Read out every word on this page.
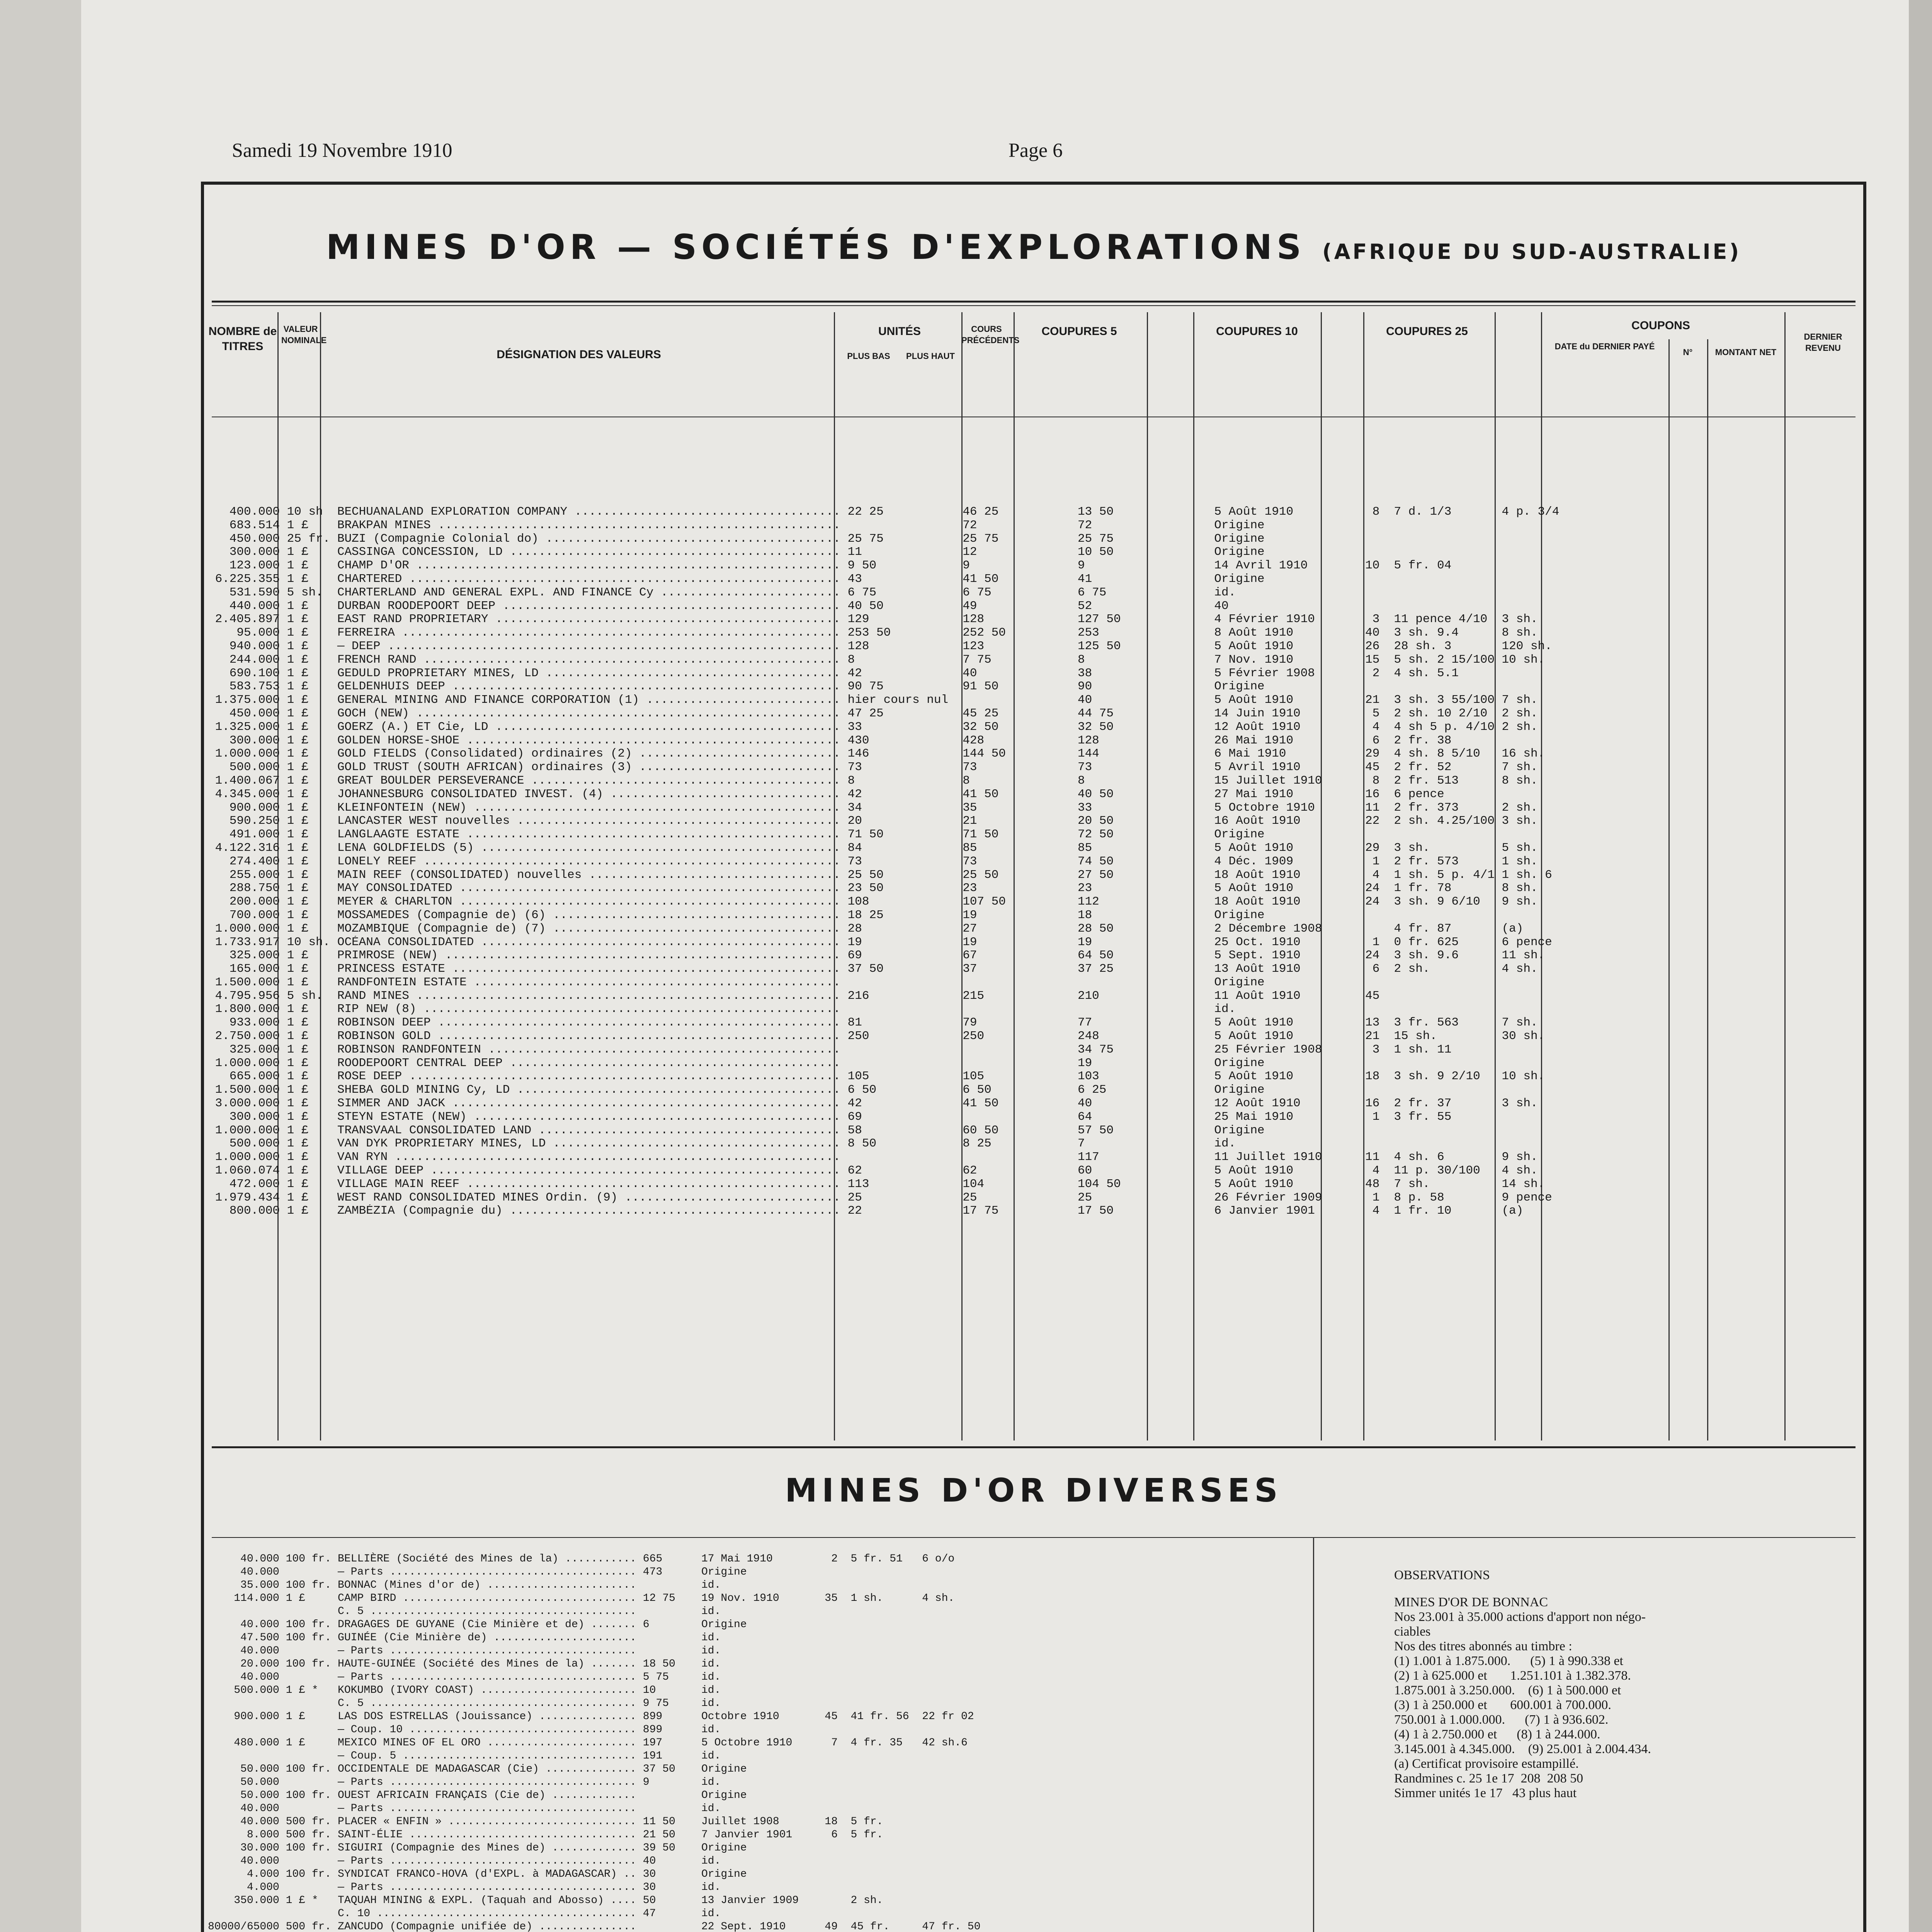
Samedi 19 Novembre 1910	Page 6
MINES D'OR — SOCIÉTÉS D'EXPLORATIONS (AFRIQUE DU SUD-AUSTRALIE)
NOMBRE de TITRES
VALEUR NOMINALE
DÉSIGNATION DES VALEURS
UNITÉS
PLUS BAS	PLUS HAUT
COURS PRÉCÉDENTS
COUPURES 5	COUPURES 10	COUPURES 25	COUPONS
DATE du DERNIER PAYÉ
N°	MONTANT NET
DERNIER REVENU
400.000 10 sh  BECHUANALAND EXPLORATION COMPANY ..................................... 22 25           46 25           13 50              5 Août 1910           8  7 d. 1/3       4 p. 3/4
683.514 1 £    BRAKPAN MINES ........................................................                 72              72                 Origine
450.000 25 fr. BUZI (Compagnie Colonial do) ......................................... 25 75           25 75           25 75              Origine
300.000 1 £    CASSINGA CONCESSION, LD .............................................. 11              12              10 50              Origine
123.000 1 £    CHAMP D'OR ........................................................... 9 50            9               9                  14 Avril 1910        10  5 fr. 04
6.225.355 1 £    CHARTERED ............................................................ 43              41 50           41                 Origine
531.590 5 sh.  CHARTERLAND AND GENERAL EXPL. AND FINANCE Cy ......................... 6 75            6 75            6 75               id.
440.000 1 £    DURBAN ROODEPOORT DEEP ............................................... 40 50           49              52                 40
2.405.897 1 £    EAST RAND PROPRIETARY ................................................ 129             128             127 50             4 Février 1910        3  11 pence 4/10  3 sh.
95.000 1 £    FERREIRA ............................................................. 253 50          252 50          253                8 Août 1910          40  3 sh. 9.4      8 sh.
940.000 1 £    — DEEP ............................................................... 128             123             125 50             5 Août 1910          26  28 sh. 3       120 sh.
244.000 1 £    FRENCH RAND .......................................................... 8               7 75            8                  7 Nov. 1910          15  5 sh. 2 15/100 10 sh.
690.100 1 £    GEDULD PROPRIETARY MINES, LD ......................................... 42              40              38                 5 Février 1908        2  4 sh. 5.1
583.753 1 £    GELDENHUIS DEEP ...................................................... 90 75           91 50           90                 Origine
1.375.000 1 £    GENERAL MINING AND FINANCE CORPORATION (1) ........................... hier cours nul                  40                 5 Août 1910          21  3 sh. 3 55/100 7 sh.
450.000 1 £    GOCH (NEW) ........................................................... 47 25           45 25           44 75              14 Juin 1910          5  2 sh. 10 2/10  2 sh.
1.325.000 1 £    GOERZ (A.) ET Cie, LD ................................................ 33              32 50           32 50              12 Août 1910          4  4 sh 5 p. 4/10 2 sh.
300.000 1 £    GOLDEN HORSE-SHOE .................................................... 430             428             128                26 Mai 1910           6  2 fr. 38
1.000.000 1 £    GOLD FIELDS (Consolidated) ordinaires (2) ............................ 146             144 50          144                6 Mai 1910           29  4 sh. 8 5/10   16 sh.
500.000 1 £    GOLD TRUST (SOUTH AFRICAN) ordinaires (3) ............................ 73              73              73                 5 Avril 1910         45  2 fr. 52       7 sh.
1.400.067 1 £    GREAT BOULDER PERSEVERANCE ........................................... 8               8               8                  15 Juillet 1910       8  2 fr. 513      8 sh.
4.345.000 1 £    JOHANNESBURG CONSOLIDATED INVEST. (4) ................................ 42              41 50           40 50              27 Mai 1910          16  6 pence
900.000 1 £    KLEINFONTEIN (NEW) ................................................... 34              35              33                 5 Octobre 1910       11  2 fr. 373      2 sh.
590.250 1 £    LANCASTER WEST nouvelles ............................................. 20              21              20 50              16 Août 1910         22  2 sh. 4.25/100 3 sh.
491.000 1 £    LANGLAAGTE ESTATE .................................................... 71 50           71 50           72 50              Origine
4.122.316 1 £    LENA GOLDFIELDS (5) .................................................. 84              85              85                 5 Août 1910          29  3 sh.          5 sh.
274.400 1 £    LONELY REEF .......................................................... 73              73              74 50              4 Déc. 1909           1  2 fr. 573      1 sh.
255.000 1 £    MAIN REEF (CONSOLIDATED) nouvelles ................................... 25 50           25 50           27 50              18 Août 1910          4  1 sh. 5 p. 4/1 1 sh. 6
288.750 1 £    MAY CONSOLIDATED ..................................................... 23 50           23              23                 5 Août 1910          24  1 fr. 78       8 sh.
200.000 1 £    MEYER & CHARLTON ..................................................... 108             107 50          112                18 Août 1910         24  3 sh. 9 6/10   9 sh.
700.000 1 £    MOSSAMEDES (Compagnie de) (6) ........................................ 18 25           19              18                 Origine
1.000.000 1 £    MOZAMBIQUE (Compagnie de) (7) ........................................ 28              27              28 50              2 Décembre 1908          4 fr. 87       (a)
1.733.917 10 sh. OCÉANA CONSOLIDATED .................................................. 19              19              19                 25 Oct. 1910          1  0 fr. 625      6 pence
325.000 1 £    PRIMROSE (NEW) ....................................................... 69              67              64 50              5 Sept. 1910         24  3 sh. 9.6      11 sh.
165.000 1 £    PRINCESS ESTATE ...................................................... 37 50           37              37 25              13 Août 1910          6  2 sh.          4 sh.
1.500.000 1 £    RANDFONTEIN ESTATE ...................................................                                                    Origine
4.795.956 5 sh.  RAND MINES ........................................................... 216             215             210                11 Août 1910         45
1.800.000 1 £    RIP NEW (8) ..........................................................                                                    id.
933.000 1 £    ROBINSON DEEP ........................................................ 81              79              77                 5 Août 1910          13  3 fr. 563      7 sh.
2.750.000 1 £    ROBINSON GOLD ........................................................ 250             250             248                5 Août 1910          21  15 sh.         30 sh.
325.000 1 £    ROBINSON RANDFONTEIN .................................................                                 34 75              25 Février 1908       3  1 sh. 11
1.000.000 1 £    ROODEPOORT CENTRAL DEEP ..............................................                                 19                 Origine
665.000 1 £    ROSE DEEP ............................................................ 105             105             103                5 Août 1910          18  3 sh. 9 2/10   10 sh.
1.500.000 1 £    SHEBA GOLD MINING Cy, LD ............................................. 6 50            6 50            6 25               Origine
3.000.000 1 £    SIMMER AND JACK ...................................................... 42              41 50           40                 12 Août 1910         16  2 fr. 37       3 sh.
300.000 1 £    STEYN ESTATE (NEW) ................................................... 69                              64                 25 Mai 1910           1  3 fr. 55
1.000.000 1 £    TRANSVAAL CONSOLIDATED LAND .......................................... 58              60 50           57 50              Origine
500.000 1 £    VAN DYK PROPRIETARY MINES, LD ........................................ 8 50            8 25            7                  id.
1.000.000 1 £    VAN RYN ..............................................................                                 117                11 Juillet 1910      11  4 sh. 6        9 sh.
1.060.074 1 £    VILLAGE DEEP ......................................................... 62              62              60                 5 Août 1910           4  11 p. 30/100   4 sh.
472.000 1 £    VILLAGE MAIN REEF .................................................... 113             104             104 50             5 Août 1910          48  7 sh.          14 sh.
1.979.434 1 £    WEST RAND CONSOLIDATED MINES Ordin. (9) .............................. 25              25              25                 26 Février 1909       1  8 p. 58        9 pence
800.000 1 £    ZAMBÉZIA (Compagnie du) .............................................. 22              17 75           17 50              6 Janvier 1901        4  1 fr. 10       (a)
MINES D'OR DIVERSES
40.000 100 fr. BELLIÈRE (Société des Mines de la) ........... 665      17 Mai 1910         2  5 fr. 51   6 o/o
40.000         — Parts ...................................... 473      Origine
35.000 100 fr. BONNAC (Mines d'or de) .......................          id.
114.000 1 £     CAMP BIRD .................................... 12 75    19 Nov. 1910       35  1 sh.      4 sh.
C. 5 .........................................          id.
40.000 100 fr. DRAGAGES DE GUYANE (Cie Minière et de) ....... 6        Origine
47.500 100 fr. GUINÉE (Cie Minière de) ......................          id.
40.000         — Parts ......................................          id.
20.000 100 fr. HAUTE-GUINÉE (Société des Mines de la) ....... 18 50    id.
40.000         — Parts ...................................... 5 75     id.
500.000 1 £ *   KOKUMBO (IVORY COAST) ........................ 10       id.
C. 5 ......................................... 9 75     id.
900.000 1 £     LAS DOS ESTRELLAS (Jouissance) ............... 899      Octobre 1910       45  41 fr. 56  22 fr 02
— Coup. 10 ................................... 899      id.
480.000 1 £     MEXICO MINES OF EL ORO ....................... 197      5 Octobre 1910      7  4 fr. 35   42 sh.6
— Coup. 5 .................................... 191      id.
50.000 100 fr. OCCIDENTALE DE MADAGASCAR (Cie) .............. 37 50    Origine
50.000         — Parts ...................................... 9        id.
50.000 100 fr. OUEST AFRICAIN FRANÇAIS (Cie de) .............          Origine
40.000         — Parts ......................................          id.
40.000 500 fr. PLACER « ENFIN » ............................. 11 50    Juillet 1908       18  5 fr.
8.000 500 fr. SAINT-ÉLIE ................................... 21 50    7 Janvier 1901      6  5 fr.
30.000 100 fr. SIGUIRI (Compagnie des Mines de) ............. 39 50    Origine
40.000         — Parts ...................................... 40       id.
4.000 100 fr. SYNDICAT FRANCO-HOVA (d'EXPL. à MADAGASCAR) .. 30       Origine
4.000         — Parts ...................................... 30       id.
350.000 1 £ *   TAQUAH MINING & EXPL. (Taquah and Abosso) .... 50       13 Janvier 1909        2 sh.
C. 10 ........................................ 47       id.
80000/65000 500 fr. ZANCUDO (Compagnie unifiée de) ...............          22 Sept. 1910      49  45 fr.     47 fr. 50
OBSERVATIONS
MINES D'OR DE BONNAC
Nos 23.001 à 35.000 actions d'apport non négo-
ciables
Nos des titres abonnés au timbre :
(1) 1.001 à 1.875.000.      (5) 1 à 990.338 et
(2) 1 à 625.000 et       1.251.101 à 1.382.378.
1.875.001 à 3.250.000.    (6) 1 à 500.000 et
(3) 1 à 250.000 et       600.001 à 700.000.
750.001 à 1.000.000.      (7) 1 à 936.602.
(4) 1 à 2.750.000 et      (8) 1 à 244.000.
3.145.001 à 4.345.000.    (9) 25.001 à 2.004.434.
(a) Certificat provisoire estampillé.
Randmines c. 25 1e 17  208  208 50
Simmer unités 1e 17   43 plus haut
